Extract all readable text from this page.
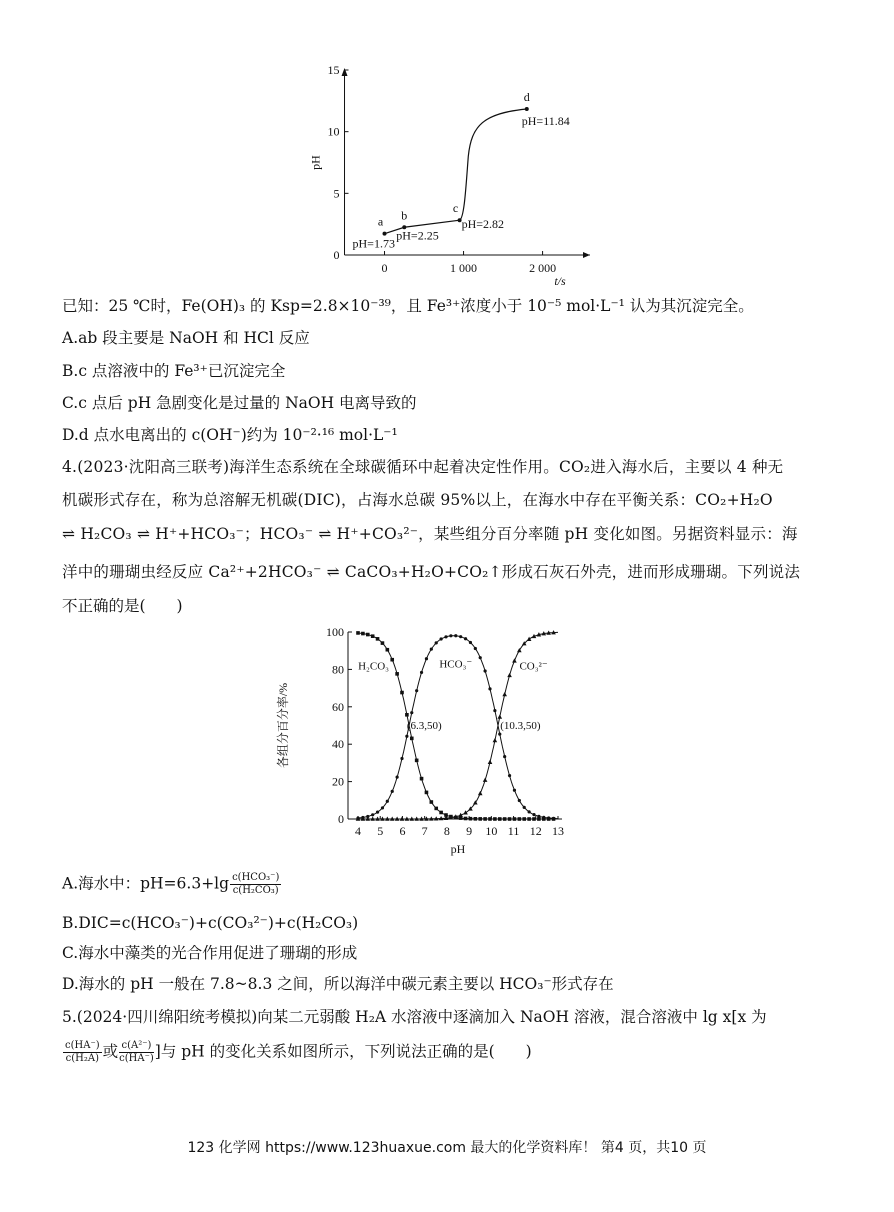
0
5
10
15
0	1 000	2 000
t/s
pH
a
pH=1.73
b
pH=2.25
c
pH=2.82
d
pH=11.84
已知：25 ℃时，Fe(OH)₃ 的 Ksp=2.8×10⁻³⁹，且 Fe³⁺浓度小于 10⁻⁵ mol·L⁻¹ 认为其沉淀完全。
A.ab 段主要是 NaOH 和 HCl 反应
B.c 点溶液中的 Fe³⁺已沉淀完全
C.c 点后 pH 急剧变化是过量的 NaOH 电离导致的
D.d 点水电离出的 c(OH⁻)约为 10⁻²·¹⁶ mol·L⁻¹
4.(2023·沈阳高三联考)海洋生态系统在全球碳循环中起着决定性作用。CO₂进入海水后，主要以 4 种无
机碳形式存在，称为总溶解无机碳(DIC)，占海水总碳 95%以上，在海水中存在平衡关系：CO₂+H₂O
⇌ H₂CO₃ ⇌ H⁺+HCO₃⁻；HCO₃⁻ ⇌ H⁺+CO₃²⁻，某些组分百分率随 pH 变化如图。另据资料显示：海
洋中的珊瑚虫经反应 Ca²⁺+2HCO₃⁻ ⇌ CaCO₃+H₂O+CO₂↑形成石灰石外壳，进而形成珊瑚。下列说法
不正确的是(　　)
0
20
40
60
80
100
4 5 6 7 8 9 10 11 12 13
pH
各组分百分率/%
H₂CO₃	HCO₃⁻	CO₃²⁻
(6.3,50)	(10.3,50)
A.海水中：$pH=6.3+\lg \frac{\text{c(HCO₃⁻)}}{\text{c(H₂CO₃)}}$
B.DIC=c(HCO₃⁻)+c(CO₃²⁻)+c(H₂CO₃)
C.海水中藻类的光合作用促进了珊瑚的形成
D.海水的 pH 一般在 7.8~8.3 之间，所以海洋中碳元素主要以 HCO₃⁻形式存在
5.(2024·四川绵阳统考模拟)向某二元弱酸 H₂A 水溶液中逐滴加入 NaOH 溶液，混合溶液中 lg x[x 为
$\frac{c(HA^-)}{\text{c(H₂A)}}$ 或 $\frac{\text{c(A²⁻)}}{c(HA^-)}$ ]与 pH 的变化关系如图所示，下列说法正确的是(　　)
123 化学网 https://www.123huaxue.com 最大的化学资料库！ 第4 页，共10 页
